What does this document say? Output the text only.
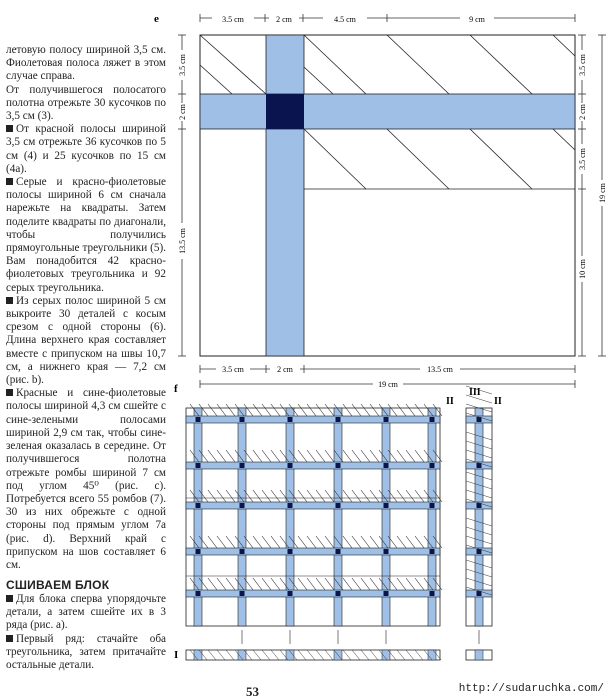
летовую полосу шириной 3,5 см. Фиолетовая полоса ляжет в этом случае справа.

От получившегося полосатого полотна отрежьте 30 кусочков по 3,5 см (3).

От красной полосы шириной 3,5 см отрежьте 36 кусочков по 5 см (4) и 25 кусочков по 15 см (4а).

Серые и красно-фиолетовые полосы шириной 6 см сначала нарежьте на квадраты. Затем поделите квадраты по диагонали, чтобы получились прямоугольные треугольники (5). Вам понадобится 42 красно-фиолетовых треугольника и 92 серых треугольника.

Из серых полос шириной 5 см выкроите 30 деталей с косым срезом с одной стороны (6). Длина верхнего края составляет вместе с припуском на швы 10,7 см, а нижнего края — 7,2 см (рис. b).

Красные и сине-фиолетовые полосы шириной 4,3 см сшейте с сине-зелеными полосами шириной 2,9 см так, чтобы сине-зеленая оказалась в середине. От получившегося полотна отрежьте ромбы шириной 7 см под углом 45⁰ (рис. с). Потребуется всего 55 ромбов (7). 30 из них обрежьте с одной стороны под прямым углом 7а (рис. d). Верхний край с припуском на шов составляет 6 см.

СШИВАЕМ БЛОК

Для блока сперва упорядочьте детали, а затем сшейте их в 3 ряда (рис. а).

Первый ряд: стачайте оба треугольника, затем притачайте остальные детали.

e	3.5 cm	2 cm	4.5 cm	9 cm
3.5 cm
2 cm
13.5 cm
3.5 cm
2 cm
3.5 cm
10 cm
19 cm
3.5 cm	2 cm	13.5 cm
19 cm
f
II
III
II
I
53	http://sudaruchka.com/
